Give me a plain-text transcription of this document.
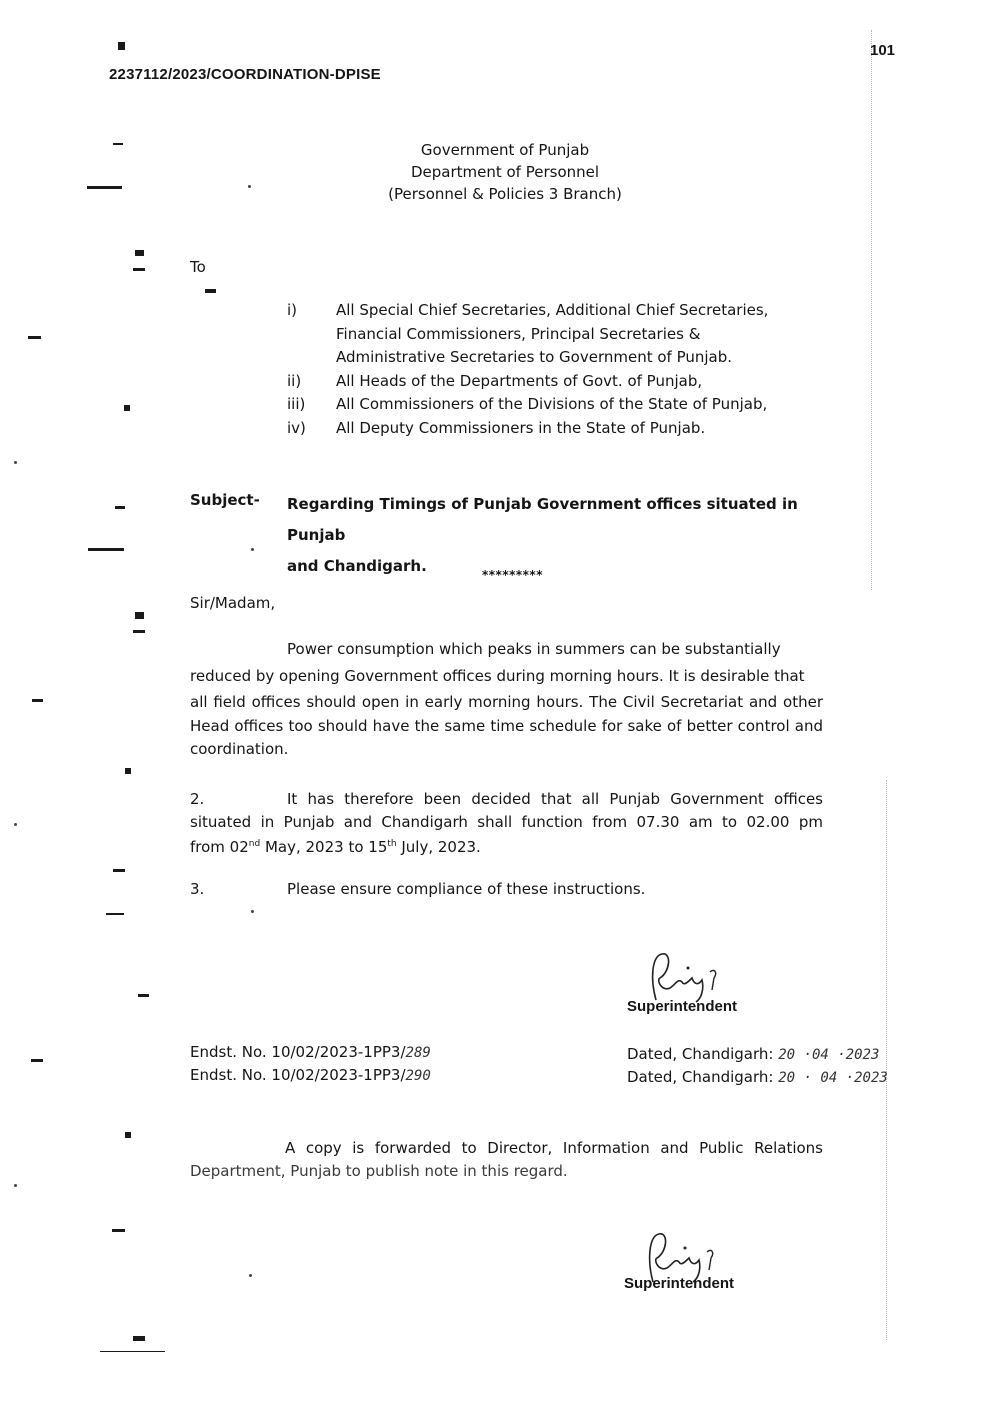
2237112/2023/COORDINATION-DPISE
101
Government of Punjab
Department of Personnel
(Personnel & Policies 3 Branch)
To
i)	All Special Chief Secretaries, Additional Chief Secretaries,
Financial Commissioners, Principal Secretaries &
Administrative Secretaries to Government of Punjab.
ii)	All Heads of the Departments of Govt. of Punjab,
iii)	All Commissioners of the Divisions of the State of Punjab,
iv)	All Deputy Commissioners in the State of Punjab.
Subject- Regarding Timings of Punjab Government offices situated in Punjab
and Chandigarh.	*********
Sir/Madam,
Power consumption which peaks in summers can be substantially
reduced by opening Government offices during morning hours. It is desirable that
all field offices should open in early morning hours. The Civil Secretariat and other Head offices too should have the same time schedule for sake of better control and coordination.
2.	It has therefore been decided that all Punjab Government offices
situated in Punjab and Chandigarh shall function from 07.30 am to 02.00 pm
from 02nd May, 2023 to 15th July, 2023.
3.	Please ensure compliance of these instructions.
Superintendent
Endst. No. 10/02/2023-1PP3/289	Dated, Chandigarh: 20 ·04 ·2023
Endst. No. 10/02/2023-1PP3/290	Dated, Chandigarh: 20 · 04 ·2023
A copy is forwarded to Director, Information and Public Relations
Department, Punjab to publish note in this regard.
Superintendent
